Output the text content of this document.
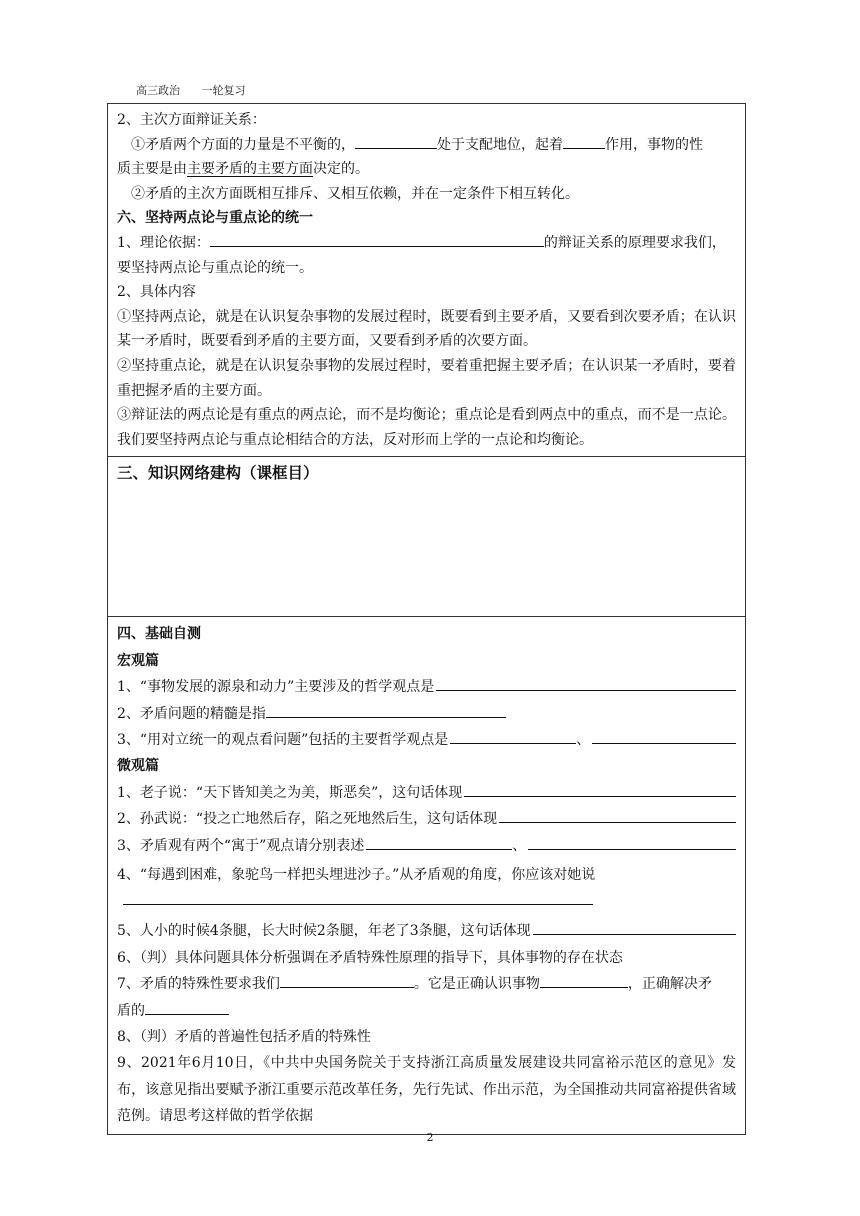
高三政治 一轮复习
2、主次方面辩证关系：
①矛盾两个方面的力量是不平衡的，	处于支配地位，起着	作用，事物的性
质主要是由主要矛盾的主要方面决定的。
②矛盾的主次方面既相互排斥、又相互依赖，并在一定条件下相互转化。
六、坚持两点论与重点论的统一
1、理论依据：	的辩证关系的原理要求我们，
要坚持两点论与重点论的统一。
2、具体内容
①坚持两点论，就是在认识复杂事物的发展过程时，既要看到主要矛盾，又要看到次要矛盾；在认识某一矛盾时，既要看到矛盾的主要方面，又要看到矛盾的次要方面。
②坚持重点论，就是在认识复杂事物的发展过程时，要着重把握主要矛盾；在认识某一矛盾时，要着重把握矛盾的主要方面。
③辩证法的两点论是有重点的两点论，而不是均衡论；重点论是看到两点中的重点，而不是一点论。我们要坚持两点论与重点论相结合的方法，反对形而上学的一点论和均衡论。

三、知识网络建构（课框目）

四、基础自测
宏观篇
1、“事物发展的源泉和动力”主要涉及的哲学观点是
2、矛盾问题的精髓是指
3、“用对立统一的观点看问题”包括的主要哲学观点是	、
微观篇
1、老子说：“天下皆知美之为美，斯恶矣”，这句话体现
2、孙武说：“投之亡地然后存，陷之死地然后生，这句话体现
3、矛盾观有两个“寓于”观点请分别表述	、
4、“每遇到困难，象驼鸟一样把头埋进沙子。”从矛盾观的角度，你应该对她说
5、人小的时候4条腿，长大时候2条腿，年老了3条腿，这句话体现
6、（判）具体问题具体分析强调在矛盾特殊性原理的指导下，具体事物的存在状态
7、矛盾的特殊性要求我们	。它是正确认识事物	，正确解决矛
盾的
8、（判）矛盾的普遍性包括矛盾的特殊性
9、2021年6月10日，《中共中央国务院关于支持浙江高质量发展建设共同富裕示范区的意见》发布，该意见指出要赋予浙江重要示范改革任务，先行先试、作出示范，为全国推动共同富裕提供省域范例。请思考这样做的哲学依据
2
